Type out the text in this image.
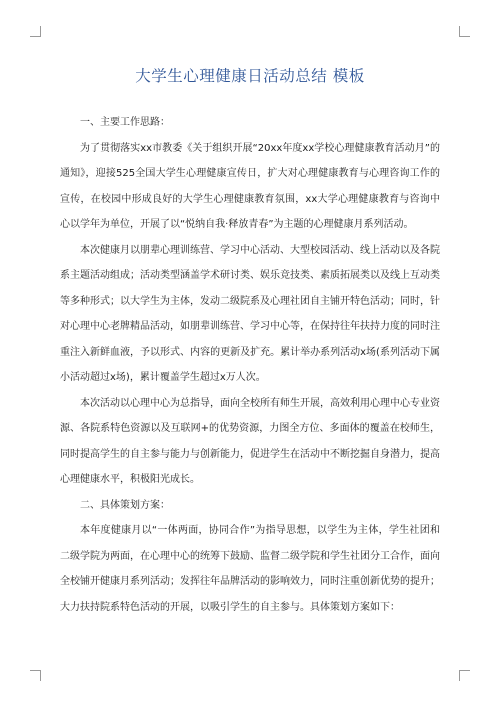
大学生心理健康日活动总结 模板

一、主要工作思路：

为了贯彻落实xx市教委《关于组织开展“20xx年度xx学校心理健康教育活动月”的通知》，迎接525全国大学生心理健康宣传日，扩大对心理健康教育与心理咨询工作的宣传，在校园中形成良好的大学生心理健康教育氛围，xx大学心理健康教育与咨询中心以学年为单位，开展了以“悦纳自我·释放青春”为主题的心理健康月系列活动。

本次健康月以朋辈心理训练营、学习中心活动、大型校园活动、线上活动以及各院系主题活动组成；活动类型涵盖学术研讨类、娱乐竞技类、素质拓展类以及线上互动类等多种形式；以大学生为主体，发动二级院系及心理社团自主铺开特色活动；同时，针对心理中心老牌精品活动，如朋辈训练营、学习中心等，在保持往年扶持力度的同时注重注入新鲜血液，予以形式、内容的更新及扩充。累计举办系列活动x场(系列活动下属小活动超过x场)，累计覆盖学生超过x万人次。

本次活动以心理中心为总指导，面向全校所有师生开展，高效利用心理中心专业资源、各院系特色资源以及互联网+的优势资源，力图全方位、多面体的覆盖在校师生，同时提高学生的自主参与能力与创新能力，促进学生在活动中不断挖掘自身潜力，提高心理健康水平，积极阳光成长。

二、具体策划方案：

本年度健康月以“一体两面，协同合作”为指导思想，以学生为主体，学生社团和二级学院为两面，在心理中心的统筹下鼓励、监督二级学院和学生社团分工合作，面向全校铺开健康月系列活动；发挥往年品牌活动的影响效力，同时注重创新优势的提升；大力扶持院系特色活动的开展，以吸引学生的自主参与。具体策划方案如下：
